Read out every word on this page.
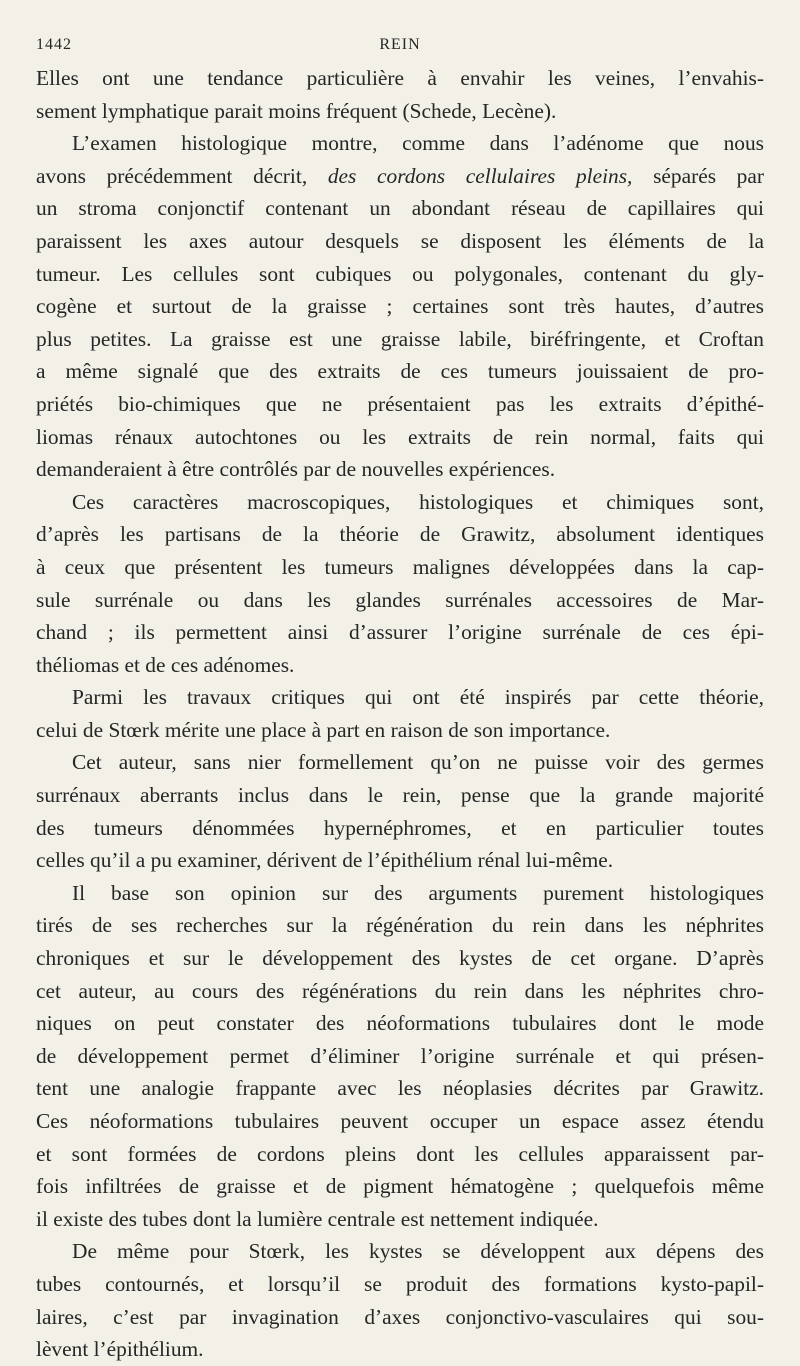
1442	REIN
Elles ont une tendance particulière à envahir les veines, l’envahis-
sement lymphatique parait moins fréquent (Schede, Lecène).
L’examen histologique montre, comme dans l’adénome que nous
avons précédemment décrit, des cordons cellulaires pleins, séparés par
un stroma conjonctif contenant un abondant réseau de capillaires qui
paraissent les axes autour desquels se disposent les éléments de la
tumeur. Les cellules sont cubiques ou polygonales, contenant du gly-
cogène et surtout de la graisse ; certaines sont très hautes, d’autres
plus petites. La graisse est une graisse labile, biréfringente, et Croftan
a même signalé que des extraits de ces tumeurs jouissaient de pro-
priétés bio-chimiques que ne présentaient pas les extraits d’épithé-
liomas rénaux autochtones ou les extraits de rein normal, faits qui
demanderaient à être contrôlés par de nouvelles expériences.
Ces caractères macroscopiques, histologiques et chimiques sont,
d’après les partisans de la théorie de Grawitz, absolument identiques
à ceux que présentent les tumeurs malignes développées dans la cap-
sule surrénale ou dans les glandes surrénales accessoires de Mar-
chand ; ils permettent ainsi d’assurer l’origine surrénale de ces épi-
théliomas et de ces adénomes.
Parmi les travaux critiques qui ont été inspirés par cette théorie,
celui de Stœrk mérite une place à part en raison de son importance.
Cet auteur, sans nier formellement qu’on ne puisse voir des germes
surrénaux aberrants inclus dans le rein, pense que la grande majorité
des tumeurs dénommées hypernéphromes, et en particulier toutes
celles qu’il a pu examiner, dérivent de l’épithélium rénal lui-même.
Il base son opinion sur des arguments purement histologiques
tirés de ses recherches sur la régénération du rein dans les néphrites
chroniques et sur le développement des kystes de cet organe. D’après
cet auteur, au cours des régénérations du rein dans les néphrites chro-
niques on peut constater des néoformations tubulaires dont le mode
de développement permet d’éliminer l’origine surrénale et qui présen-
tent une analogie frappante avec les néoplasies décrites par Grawitz.
Ces néoformations tubulaires peuvent occuper un espace assez étendu
et sont formées de cordons pleins dont les cellules apparaissent par-
fois infiltrées de graisse et de pigment hématogène ; quelquefois même
il existe des tubes dont la lumière centrale est nettement indiquée.
De même pour Stœrk, les kystes se développent aux dépens des
tubes contournés, et lorsqu’il se produit des formations kysto-papil-
laires, c’est par invagination d’axes conjonctivo-vasculaires qui sou-
lèvent l’épithélium.
